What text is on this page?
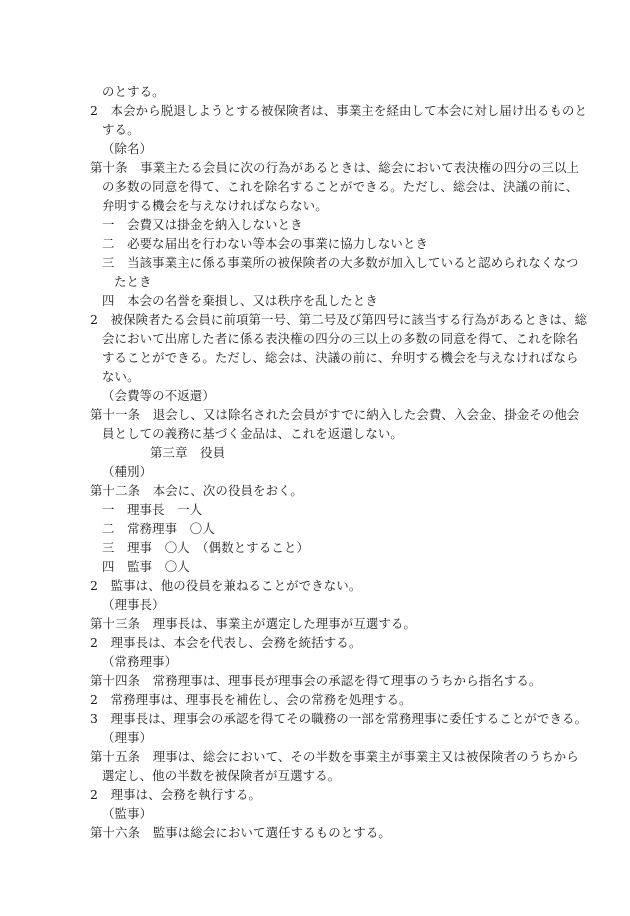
のとする。
2　本会から脱退しようとする被保険者は、事業主を経由して本会に対し届け出るものと
する。
（除名）
第十条　事業主たる会員に次の行為があるときは、総会において表決権の四分の三以上
の多数の同意を得て、これを除名することができる。ただし、総会は、決議の前に、
弁明する機会を与えなければならない。
一　会費又は掛金を納入しないとき
二　必要な届出を行わない等本会の事業に協力しないとき
三　当該事業主に係る事業所の被保険者の大多数が加入していると認められなくなつ
たとき
四　本会の名誉を棄損し、又は秩序を乱したとき
2　被保険者たる会員に前項第一号、第二号及び第四号に該当する行為があるときは、総
会において出席した者に係る表決権の四分の三以上の多数の同意を得て、これを除名
することができる。ただし、総会は、決議の前に、弁明する機会を与えなければなら
ない。
（会費等の不返還）
第十一条　退会し、又は除名された会員がすでに納入した会費、入会金、掛金その他会
員としての義務に基づく金品は、これを返還しない。
第三章　役員
（種別）
第十二条　本会に、次の役員をおく。
一　理事長　一人
二　常務理事　〇人
三　理事　〇人　（偶数とすること）
四　監事　〇人
2　監事は、他の役員を兼ねることができない。
（理事長）
第十三条　理事長は、事業主が選定した理事が互選する。
2　理事長は、本会を代表し、会務を統括する。
（常務理事）
第十四条　常務理事は、理事長が理事会の承認を得て理事のうちから指名する。
2　常務理事は、理事長を補佐し、会の常務を処理する。
3　理事長は、理事会の承認を得てその職務の一部を常務理事に委任することができる。
（理事）
第十五条　理事は、総会において、その半数を事業主が事業主又は被保険者のうちから
選定し、他の半数を被保険者が互選する。
2　理事は、会務を執行する。
（監事）
第十六条　監事は総会において選任するものとする。
